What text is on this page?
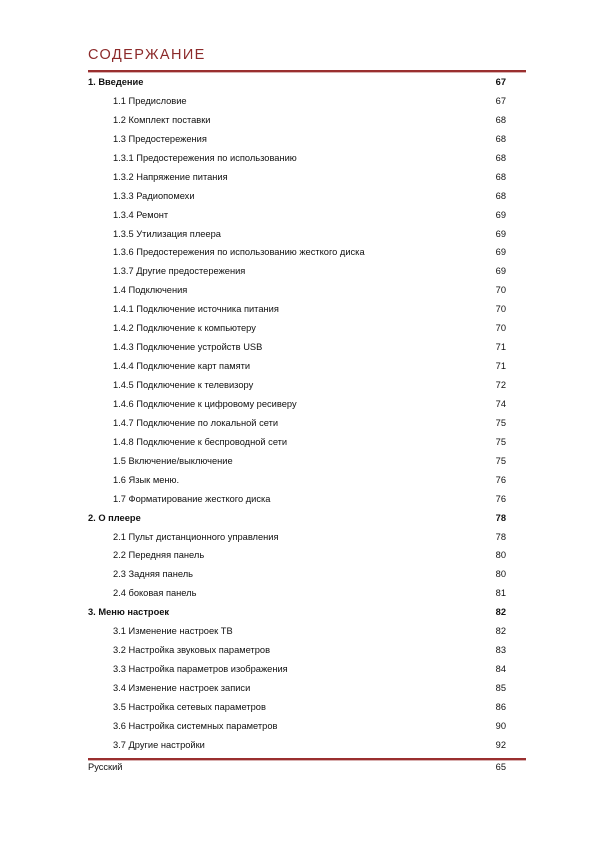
СОДЕРЖАНИЕ
1. Введение	67
1.1 Предисловие	67
1.2 Комплект поставки	68
1.3 Предостережения	68
1.3.1 Предостережения по использованию	68
1.3.2 Напряжение питания	68
1.3.3 Радиопомехи	68
1.3.4 Ремонт	69
1.3.5 Утилизация плеера	69
1.3.6 Предостережения по использованию жесткого диска	69
1.3.7 Другие предостережения	69
1.4 Подключения	70
1.4.1 Подключение источника питания	70
1.4.2 Подключение к компьютеру	70
1.4.3 Подключение устройств USB	71
1.4.4 Подключение карт памяти	71
1.4.5 Подключение к телевизору	72
1.4.6 Подключение к цифровому ресиверу	74
1.4.7 Подключение по локальной сети	75
1.4.8 Подключение к беспроводной сети	75
1.5 Включение/выключение	75
1.6 Язык меню.	76
1.7 Форматирование жесткого диска	76
2. О плеере	78
2.1 Пульт дистанционного управления	78
2.2 Передняя панель	80
2.3 Задняя панель	80
2.4 боковая панель	81
3. Меню настроек	82
3.1 Изменение настроек ТВ	82
3.2 Настройка звуковых параметров	83
3.3 Настройка параметров изображения	84
3.4 Изменение настроек записи	85
3.5 Настройка сетевых параметров	86
3.6 Настройка системных параметров	90
3.7 Другие настройки	92
Русский	65
